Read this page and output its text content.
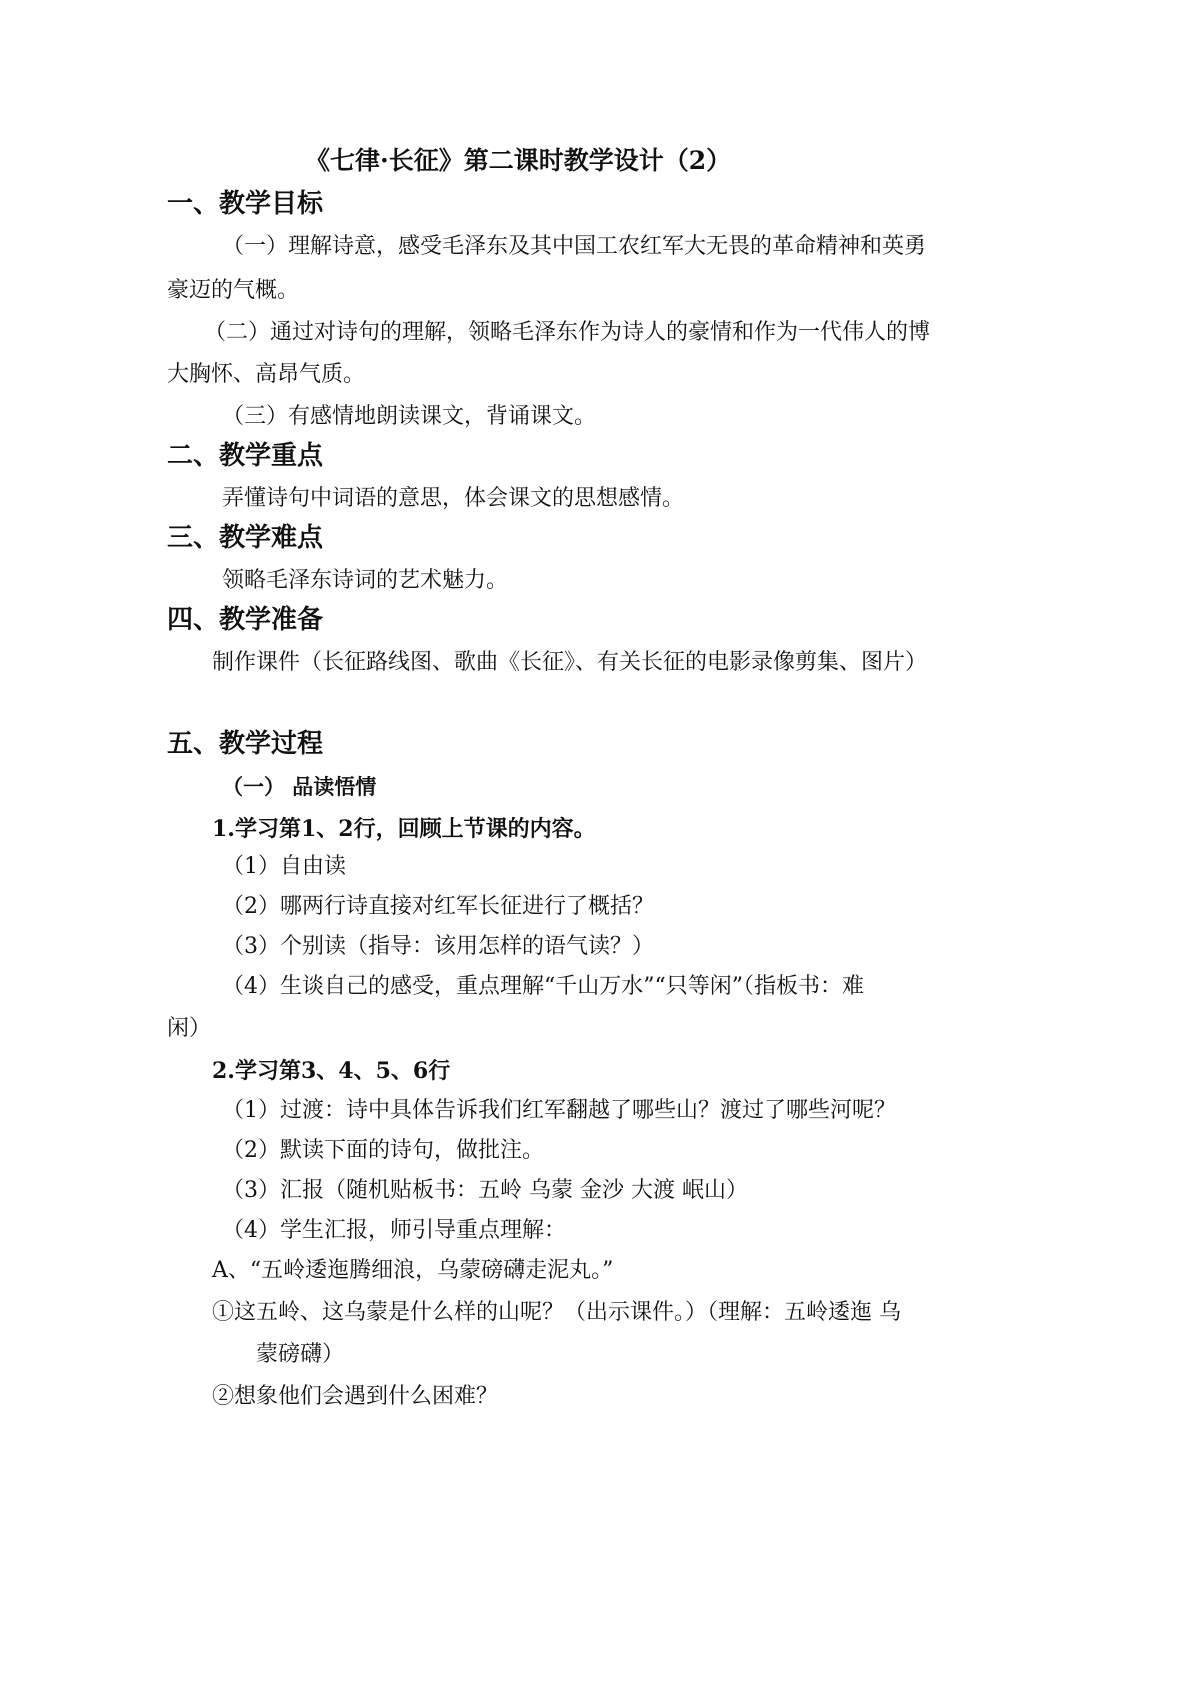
《七律·长征》第二课时教学设计（2）
一、教学目标
（一）理解诗意，感受毛泽东及其中国工农红军大无畏的革命精神和英勇
豪迈的气概。
（二）通过对诗句的理解，领略毛泽东作为诗人的豪情和作为一代伟人的博
大胸怀、高昂气质。
（三）有感情地朗读课文，背诵课文。
二、教学重点
弄懂诗句中词语的意思，体会课文的思想感情。
三、教学难点
领略毛泽东诗词的艺术魅力。
四、教学准备
制作课件（长征路线图、歌曲《长征》、有关长征的电影录像剪集、图片）
五、教学过程
（一） 品读悟情
1.学习第1、2行，回顾上节课的内容。
（1）自由读
（2）哪两行诗直接对红军长征进行了概括？
（3）个别读（指导：该用怎样的语气读？）
（4）生谈自己的感受，重点理解“千山万水”“只等闲”（指板书：难
闲）
2.学习第3、4、5、6行
（1）过渡：诗中具体告诉我们红军翻越了哪些山？渡过了哪些河呢？
（2）默读下面的诗句，做批注。
（3）汇报（随机贴板书：五岭 乌蒙 金沙 大渡 岷山）
（4）学生汇报，师引导重点理解：
A、“五岭逶迤腾细浪，乌蒙磅礴走泥丸。”
①这五岭、这乌蒙是什么样的山呢？（出示课件。）（理解：五岭逶迤 乌
蒙磅礴）
②想象他们会遇到什么困难？
